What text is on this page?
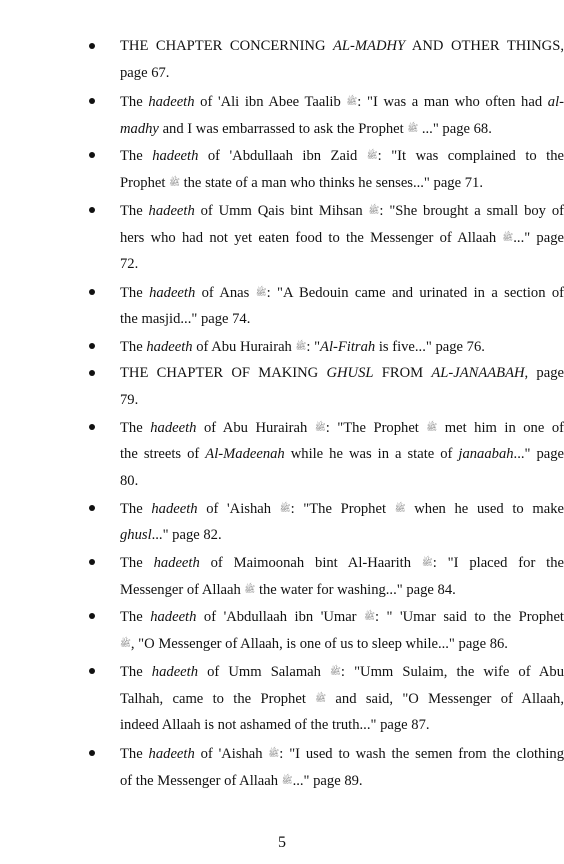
THE CHAPTER CONCERNING AL-MADHY AND OTHER THINGS,
page 67.
The hadeeth of 'Ali ibn Abee Taalib ﷺ: "I was a man who often had al-
madhy and I was embarrassed to ask the Prophet ﷺ ..." page 68.
The hadeeth of 'Abdullaah ibn Zaid ﷺ: "It was complained to the
Prophet ﷺ the state of a man who thinks he senses..." page 71.
The hadeeth of Umm Qais bint Mihsan ﷺ: "She brought a small boy of
hers who had not yet eaten food to the Messenger of Allaah ﷺ..." page
72.
The hadeeth of Anas ﷺ: "A Bedouin came and urinated in a section of
the masjid..." page 74.
The hadeeth of Abu Hurairah ﷺ: "Al-Fitrah is five..." page 76.
THE CHAPTER OF MAKING GHUSL FROM AL-JANAABAH, page
79.
The hadeeth of Abu Hurairah ﷺ: "The Prophet ﷺ met him in one of
the streets of Al-Madeenah while he was in a state of janaabah..." page
80.
The hadeeth of 'Aishah ﷺ: "The Prophet ﷺ when he used to make
ghusl..." page 82.
The hadeeth of Maimoonah bint Al-Haarith ﷺ: "I placed for the
Messenger of Allaah ﷺ the water for washing..." page 84.
The hadeeth of 'Abdullaah ibn 'Umar ﷺ: " 'Umar said to the Prophet
ﷺ, "O Messenger of Allaah, is one of us to sleep while..." page 86.
The hadeeth of Umm Salamah ﷺ: "Umm Sulaim, the wife of Abu
Talhah, came to the Prophet ﷺ and said, "O Messenger of Allaah,
indeed Allaah is not ashamed of the truth..." page 87.
The hadeeth of 'Aishah ﷺ: "I used to wash the semen from the clothing
of the Messenger of Allaah ﷺ..." page 89.
5
